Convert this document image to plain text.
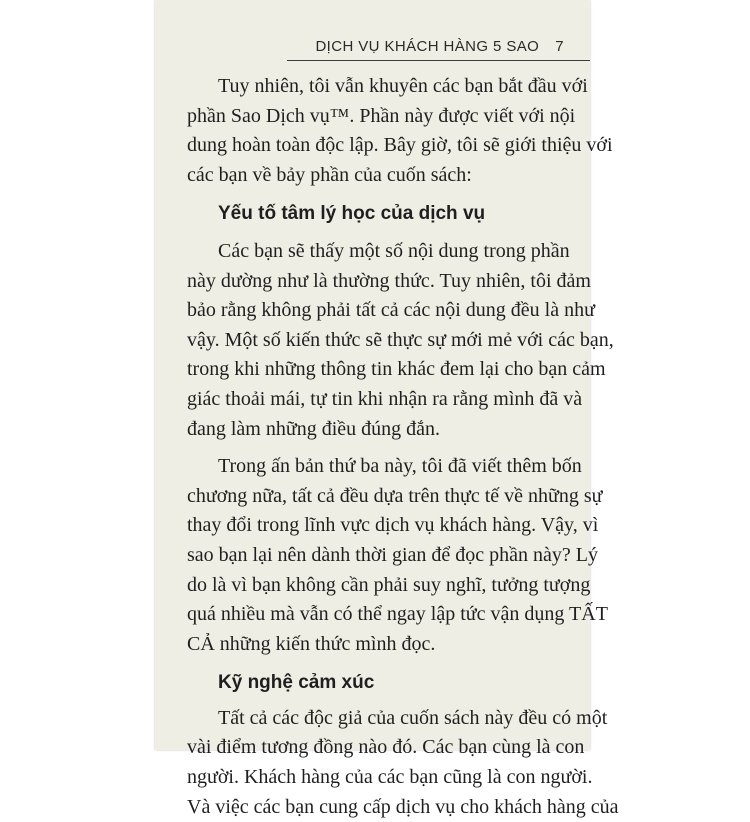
DỊCH VỤ KHÁCH HÀNG 5 SAO 7
Tuy nhiên, tôi vẫn khuyên các bạn bắt đầu với
phần Sao Dịch vụ™. Phần này được viết với nội
dung hoàn toàn độc lập. Bây giờ, tôi sẽ giới thiệu với
các bạn về bảy phần của cuốn sách:
Yếu tố tâm lý học của dịch vụ
Các bạn sẽ thấy một số nội dung trong phần
này dường như là thường thức. Tuy nhiên, tôi đảm
bảo rằng không phải tất cả các nội dung đều là như
vậy. Một số kiến thức sẽ thực sự mới mẻ với các bạn,
trong khi những thông tin khác đem lại cho bạn cảm
giác thoải mái, tự tin khi nhận ra rằng mình đã và
đang làm những điều đúng đắn.
Trong ấn bản thứ ba này, tôi đã viết thêm bốn
chương nữa, tất cả đều dựa trên thực tế về những sự
thay đổi trong lĩnh vực dịch vụ khách hàng. Vậy, vì
sao bạn lại nên dành thời gian để đọc phần này? Lý
do là vì bạn không cần phải suy nghĩ, tưởng tượng
quá nhiều mà vẫn có thể ngay lập tức vận dụng TẤT
CẢ những kiến thức mình đọc.
Kỹ nghệ cảm xúc
Tất cả các độc giả của cuốn sách này đều có một
vài điểm tương đồng nào đó. Các bạn cùng là con
người. Khách hàng của các bạn cũng là con người.
Và việc các bạn cung cấp dịch vụ cho khách hàng của
